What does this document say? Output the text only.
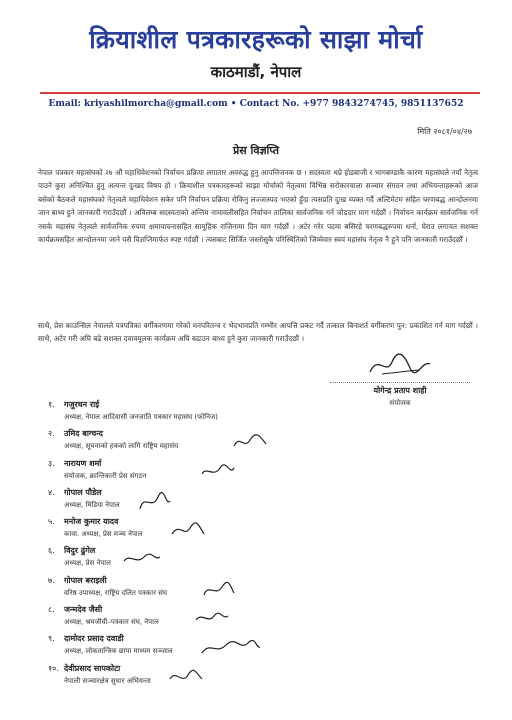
क्रियाशील पत्रकारहरूको साझा मोर्चा
काठमाडौं, नेपाल
Email: kriyashilmorcha@gmail.com • Contact No. +977 9843274745, 9851137652
मिति २०८१/०४/२७
प्रेस विज्ञप्ति
नेपाल पत्रकार महासंघको २७ औं महाधिवेशनको निर्वाचन प्रक्रिया लगातार अवरुद्ध हुनु आपत्तिजनक छ । सदस्यता थप्ने होडबाजी र भागबण्डाकै कारण महासंघले नयाँ नेतृत्व पाउने कुरा अनिश्चित हुनु अत्यन्त दुःखद विषय हो । क्रियाशील पत्रकारहरूको साझा मोर्चाको नेतृत्वमा विभिन्न सरोकारवाला सञ्चार संगठन तथा अभियन्ताहरूको आज बसेको बैठकले महासंघको नेतृत्वले महाधिवेशन सकेर पनि निर्वाचन प्रक्रिया रोकिनु लज्जास्पद भएको हुँदा त्यसप्रति दुःख व्यक्त गर्दै अल्टिमेटम सहित चरणबद्ध आन्दोलनमा जान बाध्य हुने जानकारी गराउँदछौं । अविलम्ब सदस्यताको अन्तिम नामावलीसहित निर्वाचन तालिका सार्वजनिक गर्न जोडदार माग गर्दछौं । निर्वाचन कार्यक्रम सार्वजनिक गर्न नसके महासंघ नेतृत्वले सार्वजनिक रुपमा क्षमायाचनासहित सामूहिक राजिनामा दिन माग गर्दछौं । अटेर गरेर पदमा बसिरहे चरणबद्धरुपमा धर्ना, घेराउ लगायत सशक्त कार्यक्रमसहित आन्दोलनमा जाने यसै विज्ञप्तिमार्फत स्पष्ट गर्दछौं । त्यसबाट सिर्जित जस्तोसुकै परिस्थितिको जिम्मेवार स्वयं महासंघ नेतृत्व नै हुने पनि जानकारी गराउँदछौं ।
साथै, प्रेस काउन्सिल नेपालले पत्रपत्रिका वर्गीकरणमा गरेको मनपरितन्त्र र भेदभावप्रति गम्भीर आपत्ति प्रकट गर्दै तत्काल बिनाशर्त वर्गीकरण पुन: प्रकाशित गर्न माग गर्दछौं । साथै, अटेर गरी अघि बढे सशक्त दवावमूलक कार्यक्रम अघि बढाउन बाध्य हुने कुरा जानकारी गराउँदछौं ।
योगेन्द्र प्रताप शाही
संयोजक
१. गजुरधन राई
अध्यक्ष, नेपाल आदिवासी जनजाति पत्रकार महासंघ (फोनिज)
२. उमिद बाग्चन्द
अध्यक्ष, सूचनाको हकको लागि राष्ट्रिय महासंघ
३. नारायण शर्मा
संयोजक, क्रान्तिकारी प्रेस संगठन
४. गोपाल पौडेल
अध्यक्ष, मिडिया नेपाल
५. मनोज कुमार यादव
कावा. अध्यक्ष, प्रेस मञ्च नेपाल
६. विदुर ढुंगेल
अध्यक्ष, प्रेस नेपाल
७. गोपाल बराइली
वरिष्ठ उपाध्यक्ष, राष्ट्रिय दलित पत्रकार संघ
८. जन्मदेव जैसी
अध्यक्ष, श्रमजीवी–पत्रकार संघ, नेपाल
९. दामोदर प्रसाद दवाडी
अध्यक्ष, लोकतान्त्रिक छापा माध्यम सञ्जाल
१०. देवीप्रसाद सापकोटा
नेपाली सञ्चारक्षेत्र सुधार अभियन्ता
